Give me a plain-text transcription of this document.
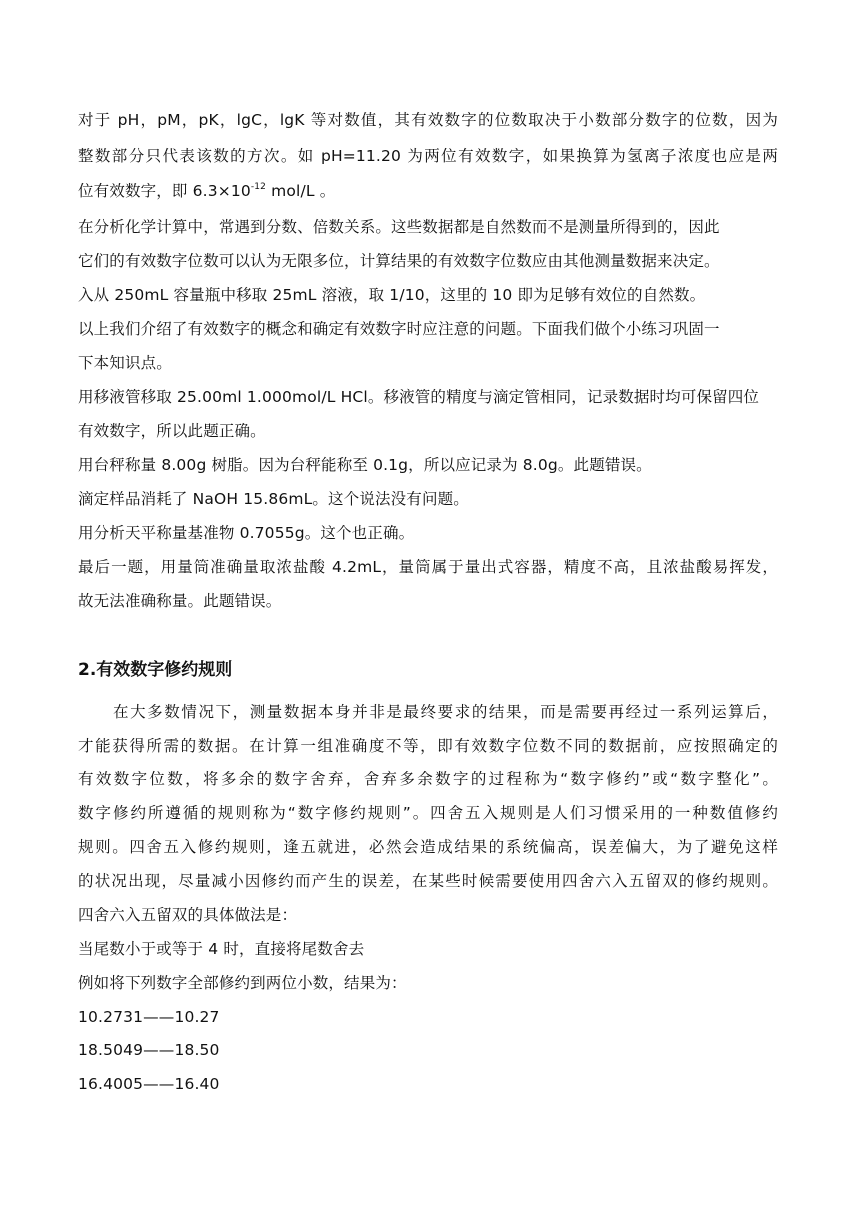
对于 pH，pM，pK，lgC，lgK 等对数值，其有效数字的位数取决于小数部分数字的位数，因为
整数部分只代表该数的方次。如 pH=11.20 为两位有效数字，如果换算为氢离子浓度也应是两
位有效数字，即 $6.3\times 10^{-12}$ mol/L 。
在分析化学计算中，常遇到分数、倍数关系。这些数据都是自然数而不是测量所得到的，因此
它们的有效数字位数可以认为无限多位，计算结果的有效数字位数应由其他测量数据来决定。
入从 250mL 容量瓶中移取 25mL 溶液，取 1/10，这里的 10 即为足够有效位的自然数。
以上我们介绍了有效数字的概念和确定有效数字时应注意的问题。下面我们做个小练习巩固一
下本知识点。
用移液管移取 25.00ml 1.000mol/L HCl。移液管的精度与滴定管相同，记录数据时均可保留四位
有效数字，所以此题正确。
用台秤称量 8.00g 树脂。因为台秤能称至 0.1g，所以应记录为 8.0g。此题错误。
滴定样品消耗了 NaOH 15.86mL。这个说法没有问题。
用分析天平称量基准物 0.7055g。这个也正确。
最后一题，用量筒准确量取浓盐酸 4.2mL，量筒属于量出式容器，精度不高，且浓盐酸易挥发，
故无法准确称量。此题错误。
2.有效数字修约规则
在大多数情况下，测量数据本身并非是最终要求的结果，而是需要再经过一系列运算后，
才能获得所需的数据。在计算一组准确度不等，即有效数字位数不同的数据前，应按照确定的
有效数字位数，将多余的数字舍弃，舍弃多余数字的过程称为“数字修约”或“数字整化”。
数字修约所遵循的规则称为“数字修约规则”。四舍五入规则是人们习惯采用的一种数值修约
规则。四舍五入修约规则，逢五就进，必然会造成结果的系统偏高，误差偏大，为了避免这样
的状况出现，尽量减小因修约而产生的误差，在某些时候需要使用四舍六入五留双的修约规则。
四舍六入五留双的具体做法是：
当尾数小于或等于 4 时，直接将尾数舍去
例如将下列数字全部修约到两位小数，结果为：
10.2731——10.27
18.5049——18.50
16.4005——16.40
